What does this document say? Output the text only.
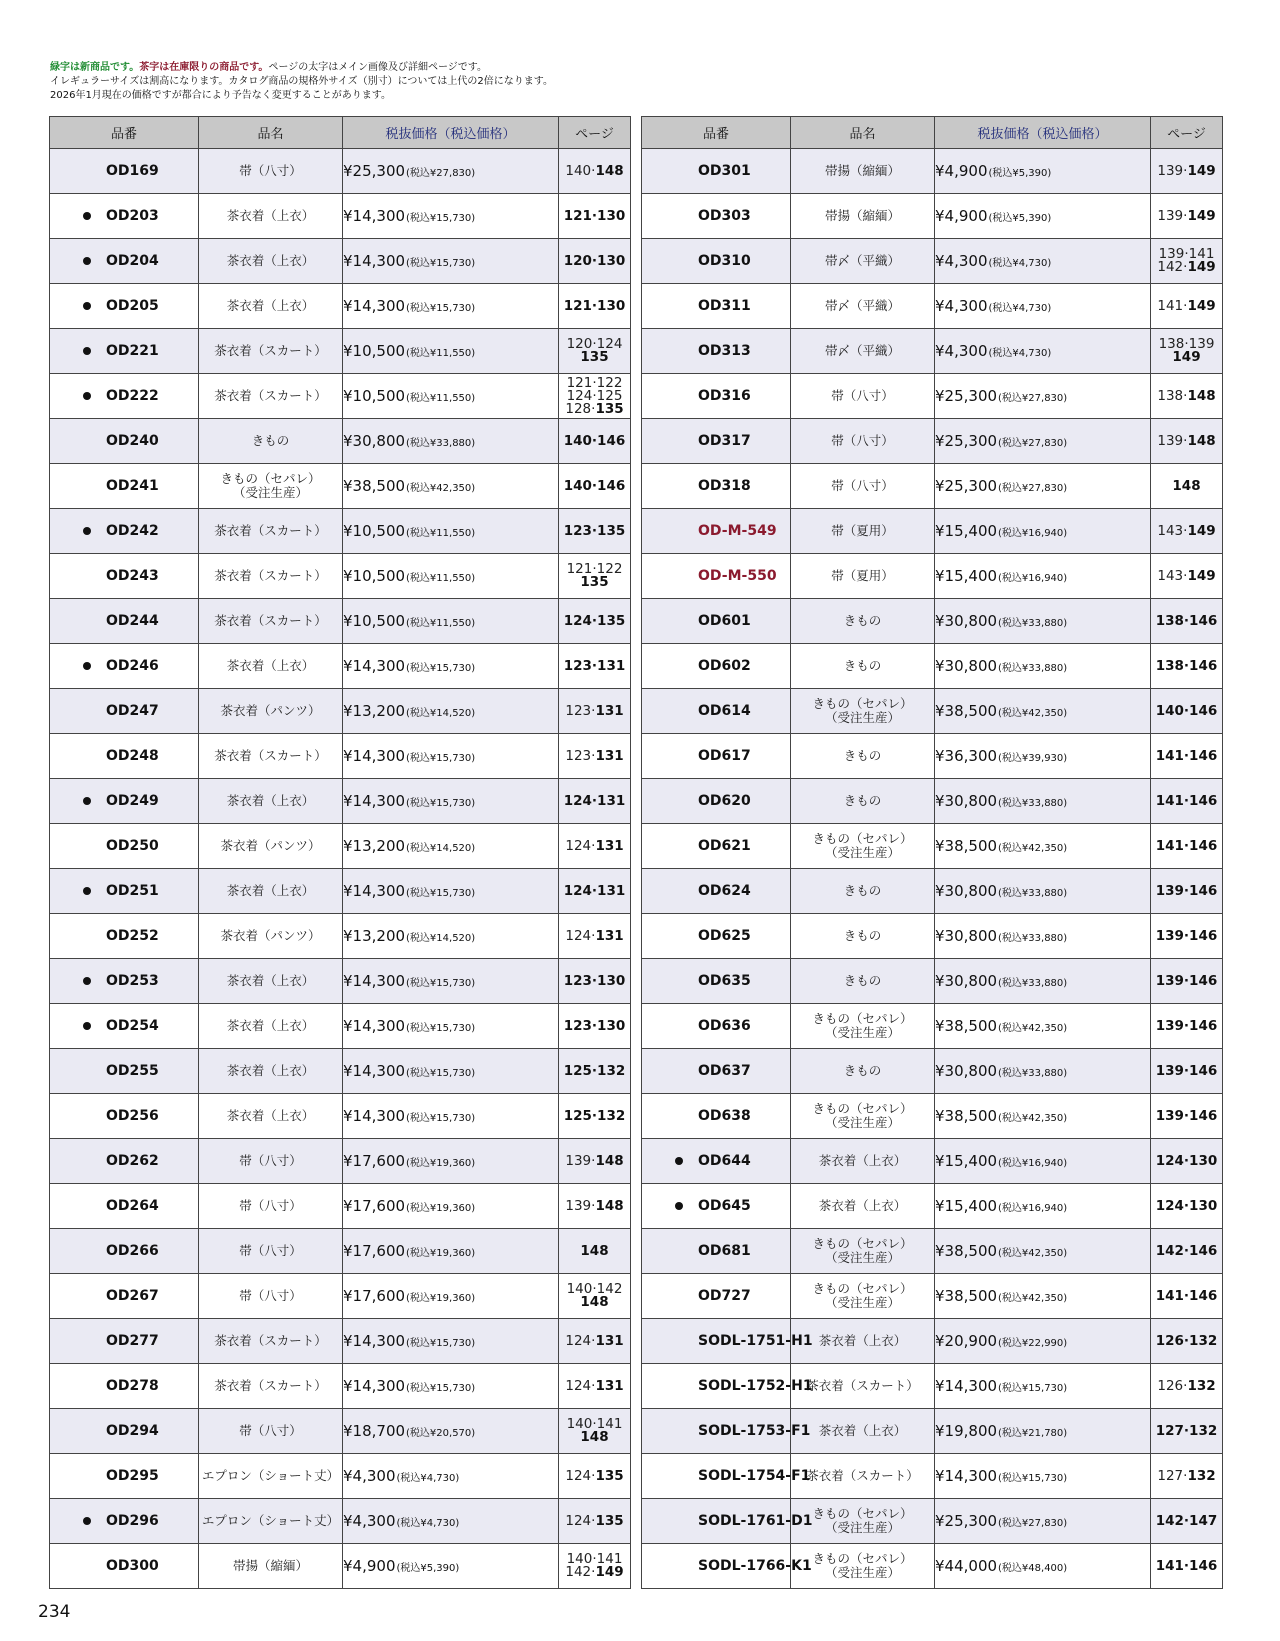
緑字は新商品です。茶字は在庫限りの商品です。ページの太字はメイン画像及び詳細ページです。
イレギュラーサイズは割高になります。カタログ商品の規格外サイズ（別寸）については上代の2倍になります。
2026年1月現在の価格ですが都合により予告なく変更することがあります。
品番	品名	税抜価格（税込価格）	ページ

OD169	帯（八寸）	¥25,300(税込¥27,830)	140·148

OD203	茶衣着（上衣）	¥14,300(税込¥15,730)	121·130

OD204	茶衣着（上衣）	¥14,300(税込¥15,730)	120·130

OD205	茶衣着（上衣）	¥14,300(税込¥15,730)	121·130

OD221	茶衣着（スカート）	¥10,500(税込¥11,550)	120·124
135

OD222	茶衣着（スカート）	¥10,500(税込¥11,550)	121·122
124·125
128·135

OD240	きもの	¥30,800(税込¥33,880)	140·146

OD241	きもの（セパレ）
（受注生産）	¥38,500(税込¥42,350)	140·146

OD242	茶衣着（スカート）	¥10,500(税込¥11,550)	123·135

OD243	茶衣着（スカート）	¥10,500(税込¥11,550)	121·122
135

OD244	茶衣着（スカート）	¥10,500(税込¥11,550)	124·135

OD246	茶衣着（上衣）	¥14,300(税込¥15,730)	123·131

OD247	茶衣着（パンツ）	¥13,200(税込¥14,520)	123·131

OD248	茶衣着（スカート）	¥14,300(税込¥15,730)	123·131

OD249	茶衣着（上衣）	¥14,300(税込¥15,730)	124·131

OD250	茶衣着（パンツ）	¥13,200(税込¥14,520)	124·131

OD251	茶衣着（上衣）	¥14,300(税込¥15,730)	124·131

OD252	茶衣着（パンツ）	¥13,200(税込¥14,520)	124·131

OD253	茶衣着（上衣）	¥14,300(税込¥15,730)	123·130

OD254	茶衣着（上衣）	¥14,300(税込¥15,730)	123·130

OD255	茶衣着（上衣）	¥14,300(税込¥15,730)	125·132

OD256	茶衣着（上衣）	¥14,300(税込¥15,730)	125·132

OD262	帯（八寸）	¥17,600(税込¥19,360)	139·148

OD264	帯（八寸）	¥17,600(税込¥19,360)	139·148

OD266	帯（八寸）	¥17,600(税込¥19,360)	148

OD267	帯（八寸）	¥17,600(税込¥19,360)	140·142
148

OD277	茶衣着（スカート）	¥14,300(税込¥15,730)	124·131

OD278	茶衣着（スカート）	¥14,300(税込¥15,730)	124·131

OD294	帯（八寸）	¥18,700(税込¥20,570)	140·141
148

OD295	エプロン（ショート丈）	¥4,300(税込¥4,730)	124·135

OD296	エプロン（ショート丈）	¥4,300(税込¥4,730)	124·135

OD300	帯揚（縮緬）	¥4,900(税込¥5,390)	140·141
142·149
品番	品名	税抜価格（税込価格）	ページ

OD301	帯揚（縮緬）	¥4,900(税込¥5,390)	139·149

OD303	帯揚（縮緬）	¥4,900(税込¥5,390)	139·149

OD310	帯〆（平織）	¥4,300(税込¥4,730)	139·141
142·149

OD311	帯〆（平織）	¥4,300(税込¥4,730)	141·149

OD313	帯〆（平織）	¥4,300(税込¥4,730)	138·139
149

OD316	帯（八寸）	¥25,300(税込¥27,830)	138·148

OD317	帯（八寸）	¥25,300(税込¥27,830)	139·148

OD318	帯（八寸）	¥25,300(税込¥27,830)	148

OD-M-549	帯（夏用）	¥15,400(税込¥16,940)	143·149

OD-M-550	帯（夏用）	¥15,400(税込¥16,940)	143·149

OD601	きもの	¥30,800(税込¥33,880)	138·146

OD602	きもの	¥30,800(税込¥33,880)	138·146

OD614	きもの（セパレ）
（受注生産）	¥38,500(税込¥42,350)	140·146

OD617	きもの	¥36,300(税込¥39,930)	141·146

OD620	きもの	¥30,800(税込¥33,880)	141·146

OD621	きもの（セパレ）
（受注生産）	¥38,500(税込¥42,350)	141·146

OD624	きもの	¥30,800(税込¥33,880)	139·146

OD625	きもの	¥30,800(税込¥33,880)	139·146

OD635	きもの	¥30,800(税込¥33,880)	139·146

OD636	きもの（セパレ）
（受注生産）	¥38,500(税込¥42,350)	139·146

OD637	きもの	¥30,800(税込¥33,880)	139·146

OD638	きもの（セパレ）
（受注生産）	¥38,500(税込¥42,350)	139·146

OD644	茶衣着（上衣）	¥15,400(税込¥16,940)	124·130

OD645	茶衣着（上衣）	¥15,400(税込¥16,940)	124·130

OD681	きもの（セパレ）
（受注生産）	¥38,500(税込¥42,350)	142·146

OD727	きもの（セパレ）
（受注生産）	¥38,500(税込¥42,350)	141·146

SODL-1751-H1	茶衣着（上衣）	¥20,900(税込¥22,990)	126·132

SODL-1752-H1	茶衣着（スカート）	¥14,300(税込¥15,730)	126·132

SODL-1753-F1	茶衣着（上衣）	¥19,800(税込¥21,780)	127·132

SODL-1754-F1	茶衣着（スカート）	¥14,300(税込¥15,730)	127·132

SODL-1761-D1	きもの（セパレ）
（受注生産）	¥25,300(税込¥27,830)	142·147

SODL-1766-K1	きもの（セパレ）
（受注生産）	¥44,000(税込¥48,400)	141·146
234
